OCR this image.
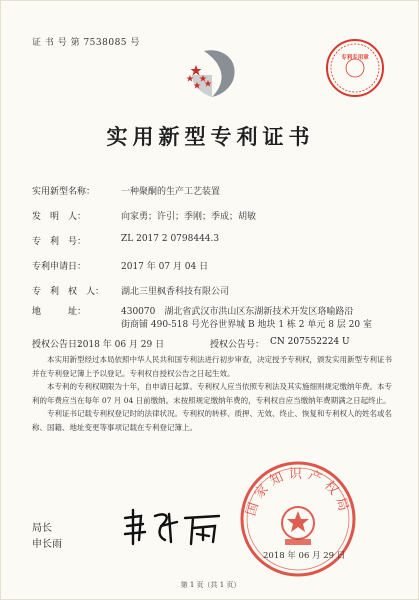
证 书 号 第 7538085 号
专利专用章
实用新型专利证书
实用新型名称：	一种聚酮的生产工艺装置
发　明　人：	向家勇；许引；季刚；季成；胡敏
专　利　号：	ZL 2017 2 0798444.3
专利申请日：	2017 年 07 月 04 日
专　利　权　人： 湖北三里枫香科技有限公司
地　　　址：	430070　湖北省武汉市洪山区东湖新技术开发区珞喻路沿
街商铺 490-518 号光谷世界城 B 地块 1 栋 2 单元 8 层 20 室
授权公告日：
2018 年 06 月 29 日	授权公告号： CN 207552224 U

本实用新型经过本局依照中华人民共和国专利法进行初步审查，决定授予专利权，颁发实用新型专利证书并在专利登记簿上予以登记。专利权自授权公告之日起生效。

本专利的专利权期限为十年，自申请日起算。专利权人应当依照专利法及其实施细则规定缴纳年费。本专利的年费应当在每年 07 月 04 日前缴纳。未按照规定缴纳年费的，专利权自应当缴纳年费期满之日起终止。

专利证书记载专利权登记时的法律状况。专利权的转移、质押、无效、终止、恢复和专利权人的姓名或名称、国籍、地址变更等事项记载在专利登记簿上。

局长
申长雨
国家知识产权局
2018 年 06 月 29 日
第 1 页（共 1 页）
